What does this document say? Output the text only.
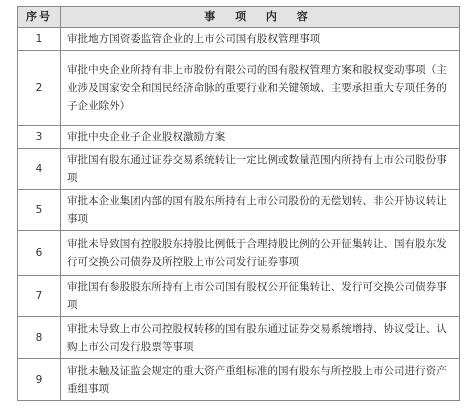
序号	事 项 内 容
1	审批地方国资委监管企业的上市公司国有股权管理事项
2	审批中央企业所持有非上市股份有限公司的国有股权管理方案和股权变动事项（主业涉及国家安全和国民经济命脉的重要行业和关键领域、主要承担重大专项任务的子企业除外）
3	审批中央企业子企业股权激励方案
4	审批国有股东通过证券交易系统转让一定比例或数量范围内所持有上市公司股份事项
5	审批本企业集团内部的国有股东所持有上市公司股份的无偿划转、非公开协议转让事项
6	审批未导致国有控股股东持股比例低于合理持股比例的公开征集转让、国有股东发行可交换公司债券及所控股上市公司发行证券事项
7	审批国有参股股东所持有上市公司国有股权公开征集转让、发行可交换公司债券事项
8	审批未导致上市公司控股权转移的国有股东通过证券交易系统增持、协议受让、认购上市公司发行股票等事项
9	审批未触及证监会规定的重大资产重组标准的国有股东与所控股上市公司进行资产重组事项
